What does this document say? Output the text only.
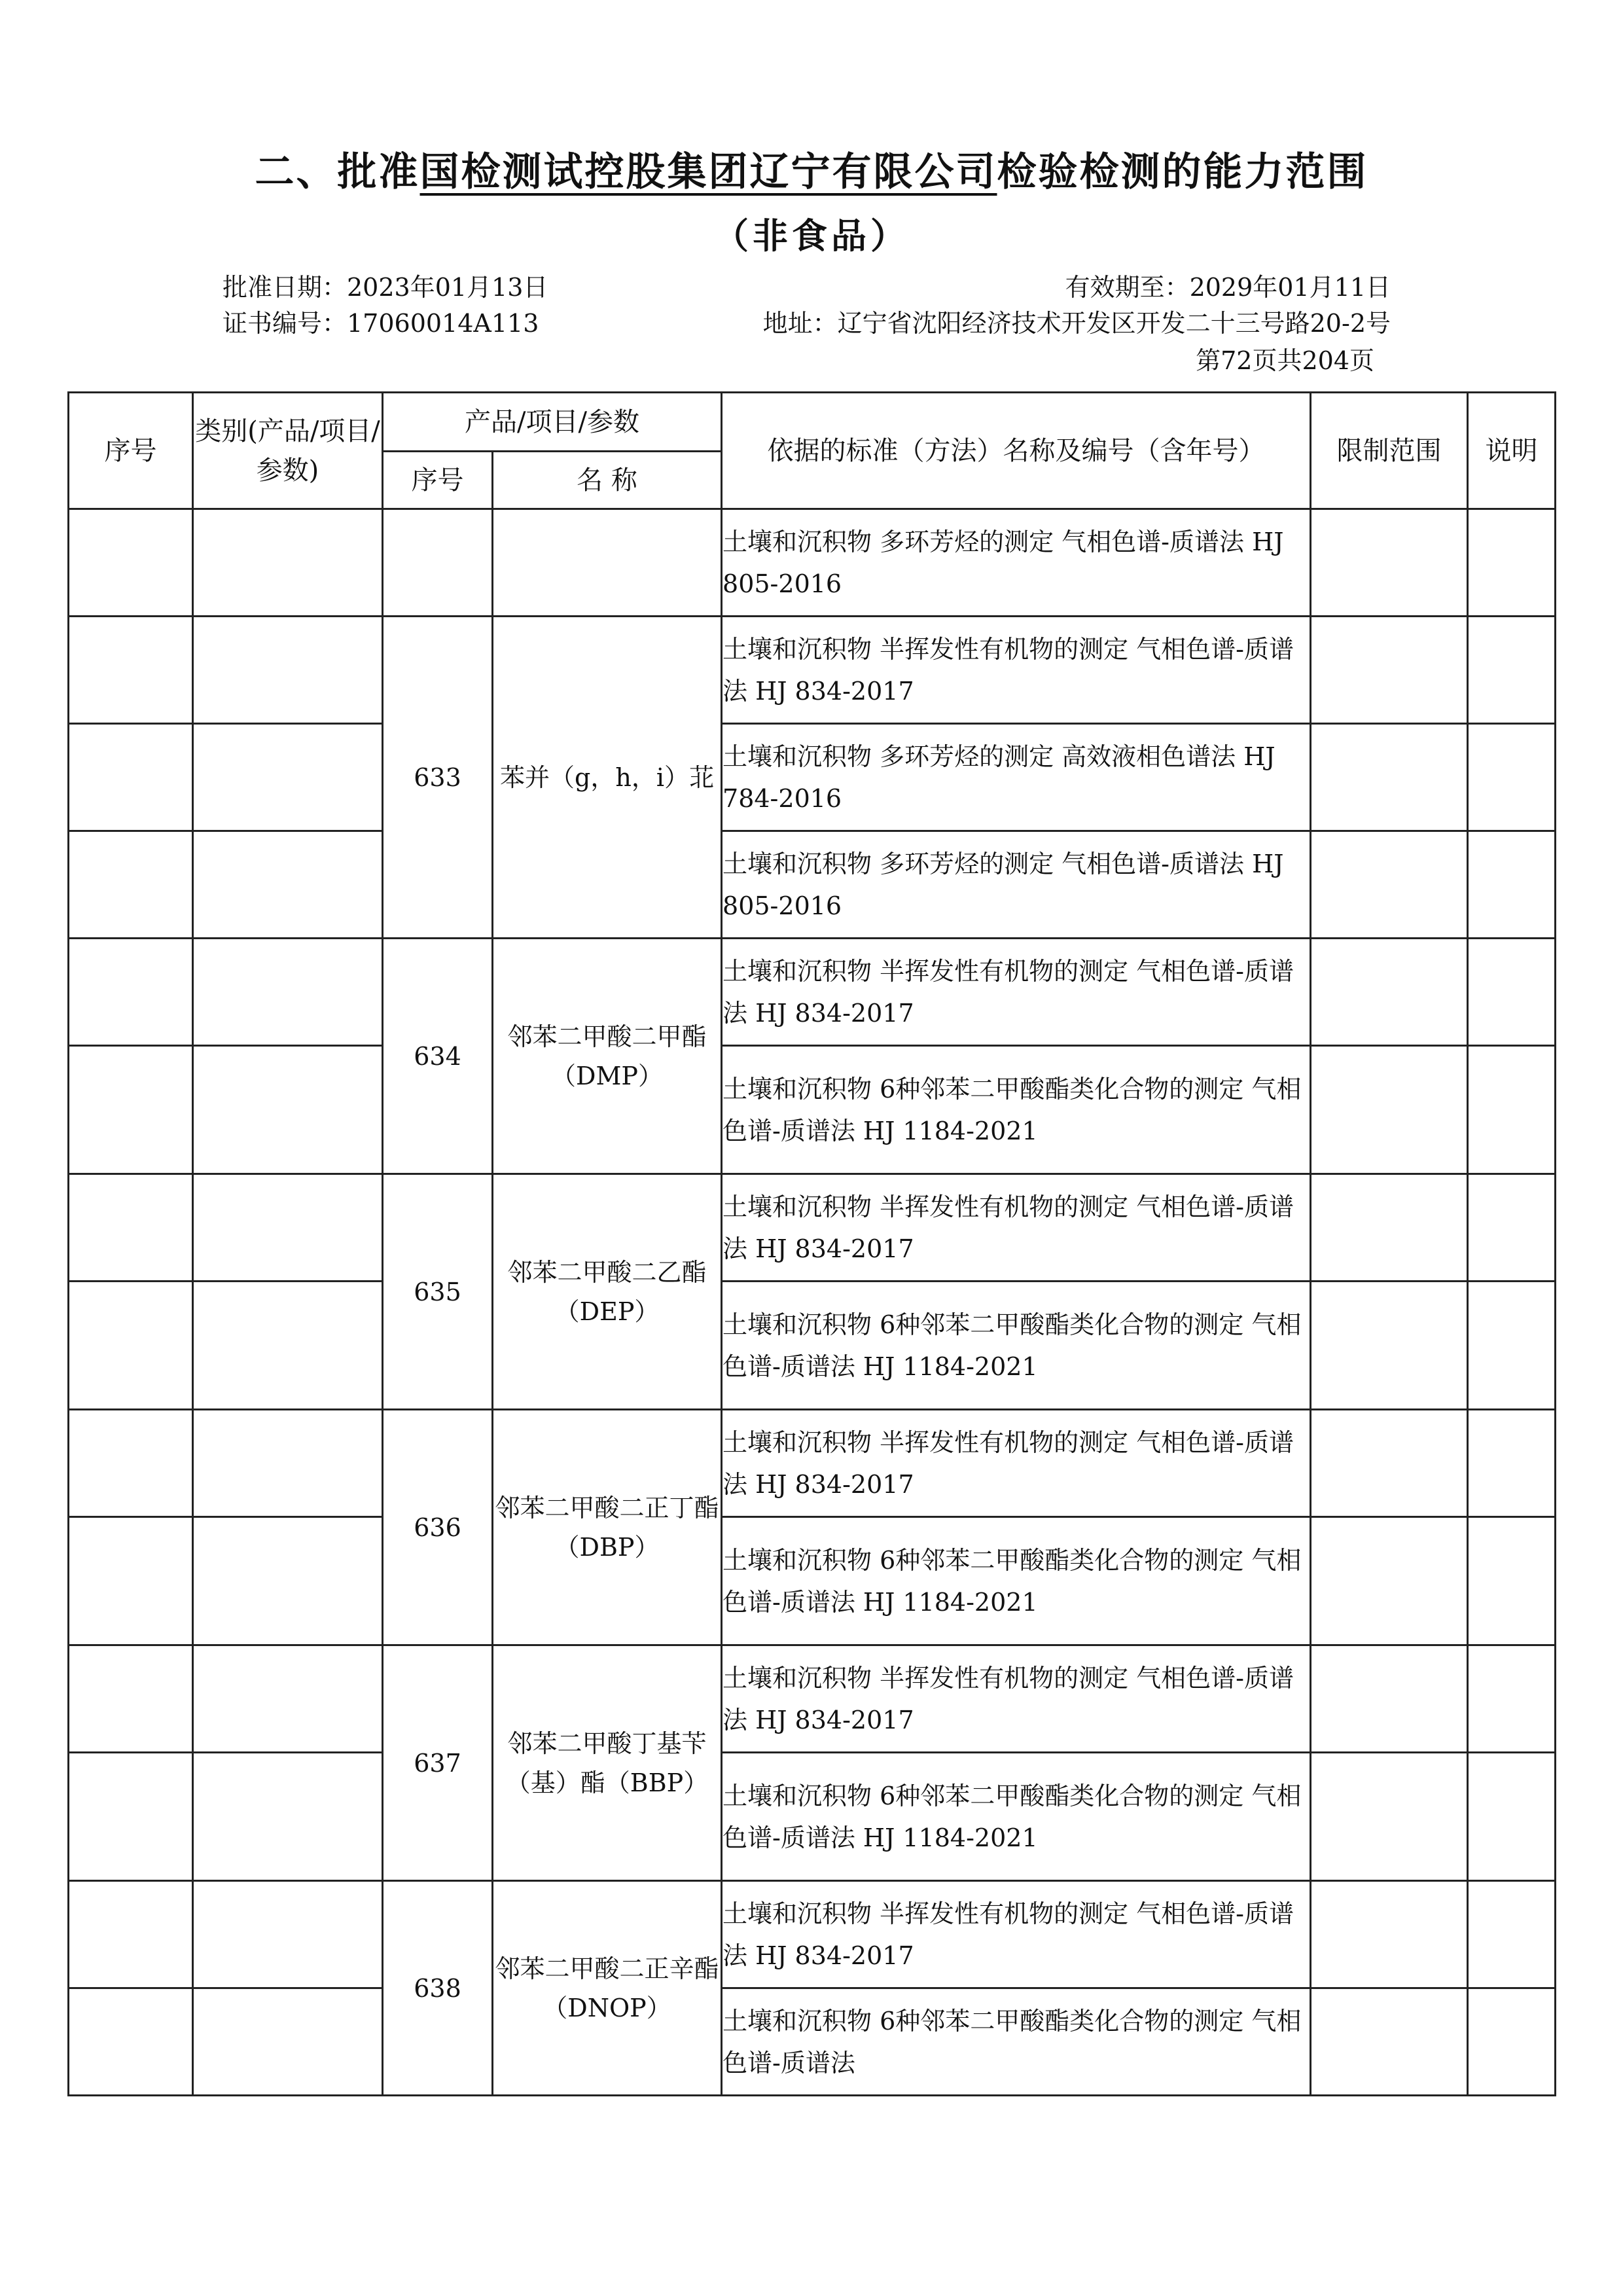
二、批准国检测试控股集团辽宁有限公司检验检测的能力范围
（非食品）
批准日期：2023年01月13日	有效期至：2029年01月11日
证书编号：17060014A113	地址：辽宁省沈阳经济技术开发区开发二十三号路20-2号
第72页共204页
序号	类别(产品/项目/参数)	产品/项目/参数		依据的标准（方法）名称及编号（含年号）	限制范围	说明
		序号	名 称			
				土壤和沉积物 多环芳烃的测定 气相色谱-质谱法 HJ 805-2016		
		633	苯并（g，h，i）苝	土壤和沉积物 半挥发性有机物的测定 气相色谱-质谱法 HJ 834-2017		
				土壤和沉积物 多环芳烃的测定 高效液相色谱法 HJ 784-2016		
				土壤和沉积物 多环芳烃的测定 气相色谱-质谱法 HJ 805-2016		
		634	邻苯二甲酸二甲酯（DMP）	土壤和沉积物 半挥发性有机物的测定 气相色谱-质谱法 HJ 834-2017		
				土壤和沉积物 6种邻苯二甲酸酯类化合物的测定 气相色谱-质谱法 HJ 1184-2021		
		635	邻苯二甲酸二乙酯（DEP）	土壤和沉积物 半挥发性有机物的测定 气相色谱-质谱法 HJ 834-2017		
				土壤和沉积物 6种邻苯二甲酸酯类化合物的测定 气相色谱-质谱法 HJ 1184-2021		
		636	邻苯二甲酸二正丁酯（DBP）	土壤和沉积物 半挥发性有机物的测定 气相色谱-质谱法 HJ 834-2017		
				土壤和沉积物 6种邻苯二甲酸酯类化合物的测定 气相色谱-质谱法 HJ 1184-2021		
		637	邻苯二甲酸丁基苄（基）酯（BBP）	土壤和沉积物 半挥发性有机物的测定 气相色谱-质谱法 HJ 834-2017		
				土壤和沉积物 6种邻苯二甲酸酯类化合物的测定 气相色谱-质谱法 HJ 1184-2021		
		638	邻苯二甲酸二正辛酯（DNOP）	土壤和沉积物 半挥发性有机物的测定 气相色谱-质谱法 HJ 834-2017		
				土壤和沉积物 6种邻苯二甲酸酯类化合物的测定 气相色谱-质谱法		
